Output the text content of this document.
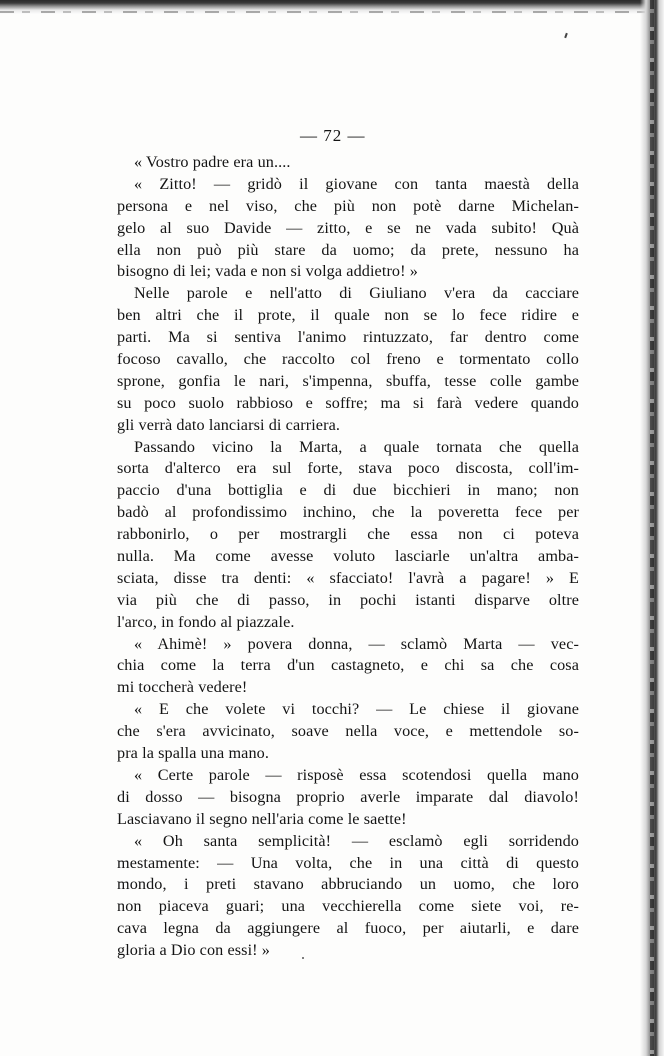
— 72 —
« Vostro padre era un....
« Zitto! — gridò il giovane con tanta maestà della
persona e nel viso, che più non potè darne Michelan-
gelo al suo Davide — zitto, e se ne vada subito! Quà
ella non può più stare da uomo; da prete, nessuno ha
bisogno di lei; vada e non si volga addietro! »
Nelle parole e nell'atto di Giuliano v'era da cacciare
ben altri che il prote, il quale non se lo fece ridire e
parti. Ma si sentiva l'animo rintuzzato, far dentro come
focoso cavallo, che raccolto col freno e tormentato collo
sprone, gonfia le nari, s'impenna, sbuffa, tesse colle gambe
su poco suolo rabbioso e soffre; ma si farà vedere quando
gli verrà dato lanciarsi di carriera.
Passando vicino la Marta, a quale tornata che quella
sorta d'alterco era sul forte, stava poco discosta, coll'im-
paccio d'una bottiglia e di due bicchieri in mano; non
badò al profondissimo inchino, che la poveretta fece per
rabbonirlo, o per mostrargli che essa non ci poteva
nulla. Ma come avesse voluto lasciarle un'altra amba-
sciata, disse tra denti: « sfacciato! l'avrà a pagare! » E
via più che di passo, in pochi istanti disparve oltre
l'arco, in fondo al piazzale.
« Ahimè! » povera donna, — sclamò Marta — vec-
chia come la terra d'un castagneto, e chi sa che cosa
mi toccherà vedere!
« E che volete vi tocchi? — Le chiese il giovane
che s'era avvicinato, soave nella voce, e mettendole so-
pra la spalla una mano.
« Certe parole — risposè essa scotendosi quella mano
di dosso — bisogna proprio averle imparate dal diavolo!
Lasciavano il segno nell'aria come le saette!
« Oh santa semplicità! — esclamò egli sorridendo
mestamente: — Una volta, che in una città di questo
mondo, i preti stavano abbruciando un uomo, che loro
non piaceva guari; una vecchierella come siete voi, re-
cava legna da aggiungere al fuoco, per aiutarli, e dare
gloria a Dio con essi! »
